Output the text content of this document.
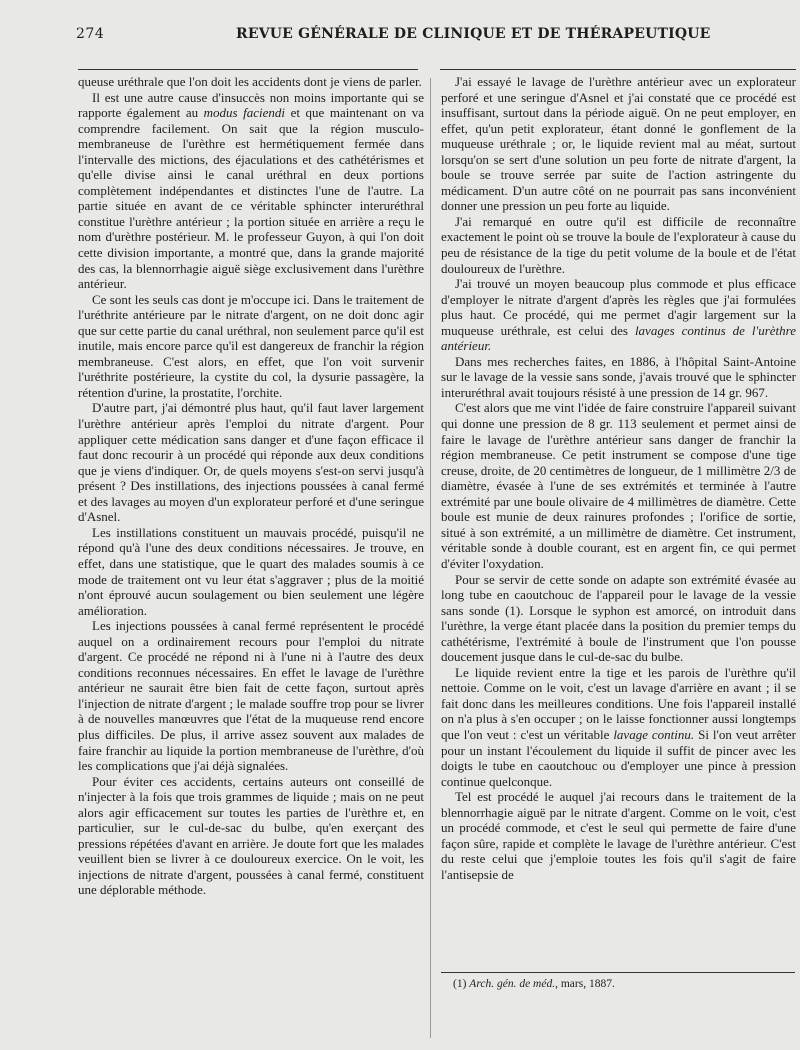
274	REVUE GÉNÉRALE DE CLINIQUE ET DE THÉRAPEUTIQUE

queuse uréthrale que l'on doit les accidents dont je viens de parler.

Il est une autre cause d'insuccès non moins importante qui se rapporte également au modus faciendi et que maintenant on va comprendre facilement. On sait que la région musculo-membraneuse de l'urèthre est hermétiquement fermée dans l'intervalle des mictions, des éjaculations et des cathétérismes et qu'elle divise ainsi le canal uréthral en deux portions complètement indépendantes et distinctes l'une de l'autre. La partie située en avant de ce véritable sphincter interuréthral constitue l'urèthre antérieur ; la portion située en arrière a reçu le nom d'urèthre postérieur. M. le professeur Guyon, à qui l'on doit cette division importante, a montré que, dans la grande majorité des cas, la blennorrhagie aiguë siège exclusivement dans l'urèthre antérieur.

Ce sont les seuls cas dont je m'occupe ici. Dans le traitement de l'uréthrite antérieure par le nitrate d'argent, on ne doit donc agir que sur cette partie du canal uréthral, non seulement parce qu'il est inutile, mais encore parce qu'il est dangereux de franchir la région membraneuse. C'est alors, en effet, que l'on voit survenir l'uréthrite postérieure, la cystite du col, la dysurie passagère, la rétention d'urine, la prostatite, l'orchite.

D'autre part, j'ai démontré plus haut, qu'il faut laver largement l'urèthre antérieur après l'emploi du nitrate d'argent. Pour appliquer cette médication sans danger et d'une façon efficace il faut donc recourir à un procédé qui réponde aux deux conditions que je viens d'indiquer. Or, de quels moyens s'est-on servi jusqu'à présent ? Des instillations, des injections poussées à canal fermé et des lavages au moyen d'un explorateur perforé et d'une seringue d'Asnel.

Les instillations constituent un mauvais procédé, puisqu'il ne répond qu'à l'une des deux conditions nécessaires. Je trouve, en effet, dans une statistique, que le quart des malades soumis à ce mode de traitement ont vu leur état s'aggraver ; plus de la moitié n'ont éprouvé aucun soulagement ou bien seulement une légère amélioration.

Les injections poussées à canal fermé représentent le procédé auquel on a ordinairement recours pour l'emploi du nitrate d'argent. Ce procédé ne répond ni à l'une ni à l'autre des deux conditions reconnues nécessaires. En effet le lavage de l'urèthre antérieur ne saurait être bien fait de cette façon, surtout après l'injection de nitrate d'argent ; le malade souffre trop pour se livrer à de nouvelles manœuvres que l'état de la muqueuse rend encore plus difficiles. De plus, il arrive assez souvent aux malades de faire franchir au liquide la portion membraneuse de l'urèthre, d'où les complications que j'ai déjà signalées.

Pour éviter ces accidents, certains auteurs ont conseillé de n'injecter à la fois que trois grammes de liquide ; mais on ne peut alors agir efficacement sur toutes les parties de l'urèthre et, en particulier, sur le cul-de-sac du bulbe, qu'en exerçant des pressions répétées d'avant en arrière. Je doute fort que les malades veuillent bien se livrer à ce douloureux exercice. On le voit, les injections de nitrate d'argent, poussées à canal fermé, constituent une déplorable méthode.

J'ai essayé le lavage de l'urèthre antérieur avec un explorateur perforé et une seringue d'Asnel et j'ai constaté que ce procédé est insuffisant, surtout dans la période aiguë. On ne peut employer, en effet, qu'un petit explorateur, étant donné le gonflement de la muqueuse uréthrale ; or, le liquide revient mal au méat, surtout lorsqu'on se sert d'une solution un peu forte de nitrate d'argent, la boule se trouve serrée par suite de l'action astringente du médicament. D'un autre côté on ne pourrait pas sans inconvénient donner une pression un peu forte au liquide.

J'ai remarqué en outre qu'il est difficile de reconnaître exactement le point où se trouve la boule de l'explorateur à cause du peu de résistance de la tige du petit volume de la boule et de l'état douloureux de l'urèthre.

J'ai trouvé un moyen beaucoup plus commode et plus efficace d'employer le nitrate d'argent d'après les règles que j'ai formulées plus haut. Ce procédé, qui me permet d'agir largement sur la muqueuse uréthrale, est celui des lavages continus de l'urèthre antérieur.

Dans mes recherches faites, en 1886, à l'hôpital Saint-Antoine sur le lavage de la vessie sans sonde, j'avais trouvé que le sphincter interuréthral avait toujours résisté à une pression de 14 gr. 967.

C'est alors que me vint l'idée de faire construire l'appareil suivant qui donne une pression de 8 gr. 113 seulement et permet ainsi de faire le lavage de l'urèthre antérieur sans danger de franchir la région membraneuse. Ce petit instrument se compose d'une tige creuse, droite, de 20 centimètres de longueur, de 1 millimètre 2/3 de diamètre, évasée à l'une de ses extrémités et terminée à l'autre extrémité par une boule olivaire de 4 millimètres de diamètre. Cette boule est munie de deux rainures profondes ; l'orifice de sortie, situé à son extrémité, a un millimètre de diamètre. Cet instrument, véritable sonde à double courant, est en argent fin, ce qui permet d'éviter l'oxydation.

Pour se servir de cette sonde on adapte son extrémité évasée au long tube en caoutchouc de l'appareil pour le lavage de la vessie sans sonde (1). Lorsque le syphon est amorcé, on introduit dans l'urèthre, la verge étant placée dans la position du premier temps du cathétérisme, l'extrémité à boule de l'instrument que l'on pousse doucement jusque dans le cul-de-sac du bulbe.

Le liquide revient entre la tige et les parois de l'urèthre qu'il nettoie. Comme on le voit, c'est un lavage d'arrière en avant ; il se fait donc dans les meilleures conditions. Une fois l'appareil installé on n'a plus à s'en occuper ; on le laisse fonctionner aussi longtemps que l'on veut : c'est un véritable lavage continu. Si l'on veut arrêter pour un instant l'écoulement du liquide il suffit de pincer avec les doigts le tube en caoutchouc ou d'employer une pince à pression continue quelconque.

Tel est procédé le auquel j'ai recours dans le traitement de la blennorrhagie aiguë par le nitrate d'argent. Comme on le voit, c'est un procédé commode, et c'est le seul qui permette de faire d'une façon sûre, rapide et complète le lavage de l'urèthre antérieur. C'est du reste celui que j'emploie toutes les fois qu'il s'agit de faire l'antisepsie de

(1) Arch. gén. de méd., mars, 1887.
